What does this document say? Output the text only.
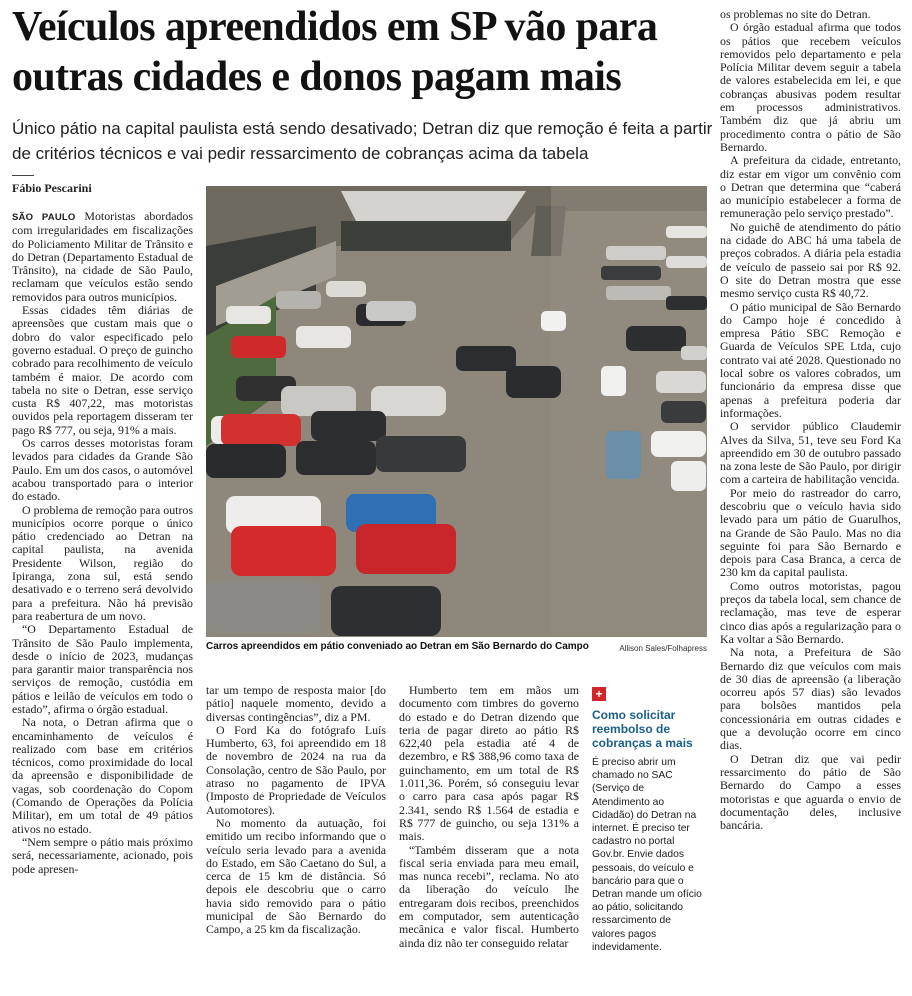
Veículos apreendidos em SP vão para outras cidades e donos pagam mais

Único pátio na capital paulista está sendo desativado; Detran diz que remoção é feita a partir de critérios técnicos e vai pedir ressarcimento de cobranças acima da tabela

Fábio Pescarini

SÃO PAULO Motoristas abordados com irregularidades em fiscalizações do Policiamento Militar de Trânsito e do Detran (Departamento Estadual de Trânsito), na cidade de São Paulo, reclamam que veículos estão sendo removidos para outros municípios.

Essas cidades têm diárias de apreensões que custam mais que o dobro do valor especificado pelo governo estadual. O preço de guincho cobrado para recolhimento de veículo também é maior. De acordo com tabela no site o Detran, esse serviço custa R$ 407,22, mas motoristas ouvidos pela reportagem disseram ter pago R$ 777, ou seja, 91% a mais.

Os carros desses motoristas foram levados para cidades da Grande São Paulo. Em um dos casos, o automóvel acabou transportado para o interior do estado.

O problema de remoção para outros municípios ocorre porque o único pátio credenciado ao Detran na capital paulista, na avenida Presidente Wilson, região do Ipiranga, zona sul, está sendo desativado e o terreno será devolvido para a prefeitura. Não há previsão para reabertura de um novo.

“O Departamento Estadual de Trânsito de São Paulo implementa, desde o início de 2023, mudanças para garantir maior transparência nos serviços de remoção, custódia em pátios e leilão de veículos em todo o estado”, afirma o órgão estadual.

Na nota, o Detran afirma que o encaminhamento de veículos é realizado com base em critérios técnicos, como proximidade do local da apreensão e disponibilidade de vagas, sob coordenação do Copom (Comando de Operações da Polícia Militar), em um total de 49 pátios ativos no estado.

“Nem sempre o pátio mais próximo será, necessariamente, acionado, pois pode apresen-

Carros apreendidos em pátio conveniado ao Detran em São Bernardo do Campo	Allison Sales/Folhapress

tar um tempo de resposta maior [do pátio] naquele momento, devido a diversas contingências”, diz a PM.

O Ford Ka do fotógrafo Luís Humberto, 63, foi apreendido em 18 de novembro de 2024 na rua da Consolação, centro de São Paulo, por atraso no pagamento de IPVA (Imposto de Propriedade de Veículos Automotores).

No momento da autuação, foi emitido um recibo informando que o veículo seria levado para a avenida do Estado, em São Caetano do Sul, a cerca de 15 km de distância. Só depois ele descobriu que o carro havia sido removido para o pátio municipal de São Bernardo do Campo, a 25 km da fiscalização.

Humberto tem em mãos um documento com timbres do governo do estado e do Detran dizendo que teria de pagar direto ao pátio R$ 622,40 pela estadia até 4 de dezembro, e R$ 388,96 como taxa de guinchamento, em um total de R$ 1.011,36. Porém, só conseguiu levar o carro para casa após pagar R$ 2.341, sendo R$ 1.564 de estadia e R$ 777 de guincho, ou seja 131% a mais.

“Também disseram que a nota fiscal seria enviada para meu email, mas nunca recebi”, reclama. No ato da liberação do veículo lhe entregaram dois recibos, preenchidos em computador, sem autenticação mecânica e valor fiscal. Humberto ainda diz não ter conseguido relatar

+
Como solicitar reembolso de cobranças a mais
É preciso abrir um chamado no SAC (Serviço de Atendimento ao Cidadão) do Detran na internet. É preciso ter cadastro no portal Gov.br. Envie dados pessoais, do veículo e bancário para que o Detran mande um ofício ao pátio, solicitando ressarcimento de valores pagos indevidamente.

os problemas no site do Detran.

O órgão estadual afirma que todos os pátios que recebem veículos removidos pelo departamento e pela Polícia Militar devem seguir a tabela de valores estabelecida em lei, e que cobranças abusivas podem resultar em processos administrativos. Também diz que já abriu um procedimento contra o pátio de São Bernardo.

A prefeitura da cidade, entretanto, diz estar em vigor um convênio com o Detran que determina que “caberá ao município estabelecer a forma de remuneração pelo serviço prestado”.

No guichê de atendimento do pátio na cidade do ABC há uma tabela de preços cobrados. A diária pela estadia de veículo de passeio sai por R$ 92. O site do Detran mostra que esse mesmo serviço custa R$ 40,72.

O pátio municipal de São Bernardo do Campo hoje é concedido à empresa Pátio SBC Remoção e Guarda de Veículos SPE Ltda, cujo contrato vai até 2028. Questionado no local sobre os valores cobrados, um funcionário da empresa disse que apenas a prefeitura poderia dar informações.

O servidor público Claudemir Alves da Silva, 51, teve seu Ford Ka apreendido em 30 de outubro passado na zona leste de São Paulo, por dirigir com a carteira de habilitação vencida.

Por meio do rastreador do carro, descobriu que o veículo havia sido levado para um pátio de Guarulhos, na Grande de São Paulo. Mas no dia seguinte foi para São Bernardo e depois para Casa Branca, a cerca de 230 km da capital paulista.

Como outros motoristas, pagou preços da tabela local, sem chance de reclamação, mas teve de esperar cinco dias após a regularização para o Ka voltar a São Bernardo.

Na nota, a Prefeitura de São Bernardo diz que veículos com mais de 30 dias de apreensão (a liberação ocorreu após 57 dias) são levados para bolsões mantidos pela concessionária em outras cidades e que a devolução ocorre em cinco dias.

O Detran diz que vai pedir ressarcimento do pátio de São Bernardo do Campo a esses motoristas e que aguarda o envio de documentação deles, inclusive bancária.
